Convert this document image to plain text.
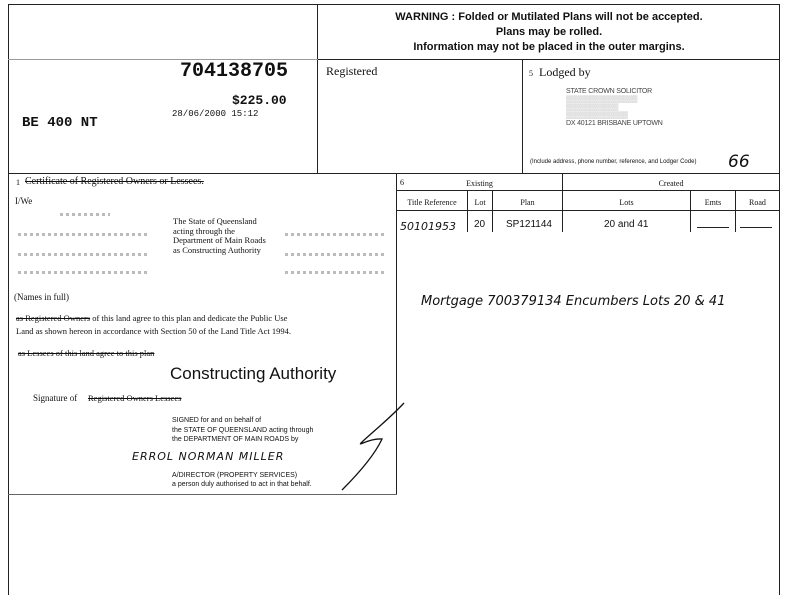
WARNING : Folded or Mutilated Plans will not be accepted.
Plans may be rolled.
Information may not be placed in the outer margins.
704138705
$225.00
28/06/2000 15:12
BE 400 NT
Registered	5 Lodged by
STATE CROWN SOLICITOR
▒▒▒▒▒▒▒▒▒▒▒▒▒▒▒
▒▒▒▒▒▒▒▒▒▒▒
▒▒▒▒▒▒▒▒▒▒▒▒▒
DX 40121 BRISBANE UPTOWN
(Include address, phone number, reference, and Lodger Code) 66
1 Certificate of Registered Owners or Lessees.
I/We
The State of Queensland
acting through the
Department of Main Roads
as Constructing Authority
(Names in full)
as Registered Owners of this land agree to this plan and dedicate the Public Use
Land as shown hereon in accordance with Section 50 of the Land Title Act 1994.
as Lessees of this land agree to this plan
Constructing Authority
Signature of Registered Owners Lessees
SIGNED for and on behalf of
the STATE OF QUEENSLAND acting through
the DEPARTMENT OF MAIN ROADS by
ERROL NORMAN MILLER
A/DIRECTOR (PROPERTY SERVICES)
a person duly authorised to act in that behalf.
6	Existing	Created
Title Reference	Lot	Plan	Lots	Emts	Road
50101953 20 SP121144	20 and 41
Mortgage 700379134 Encumbers Lots 20 & 41
